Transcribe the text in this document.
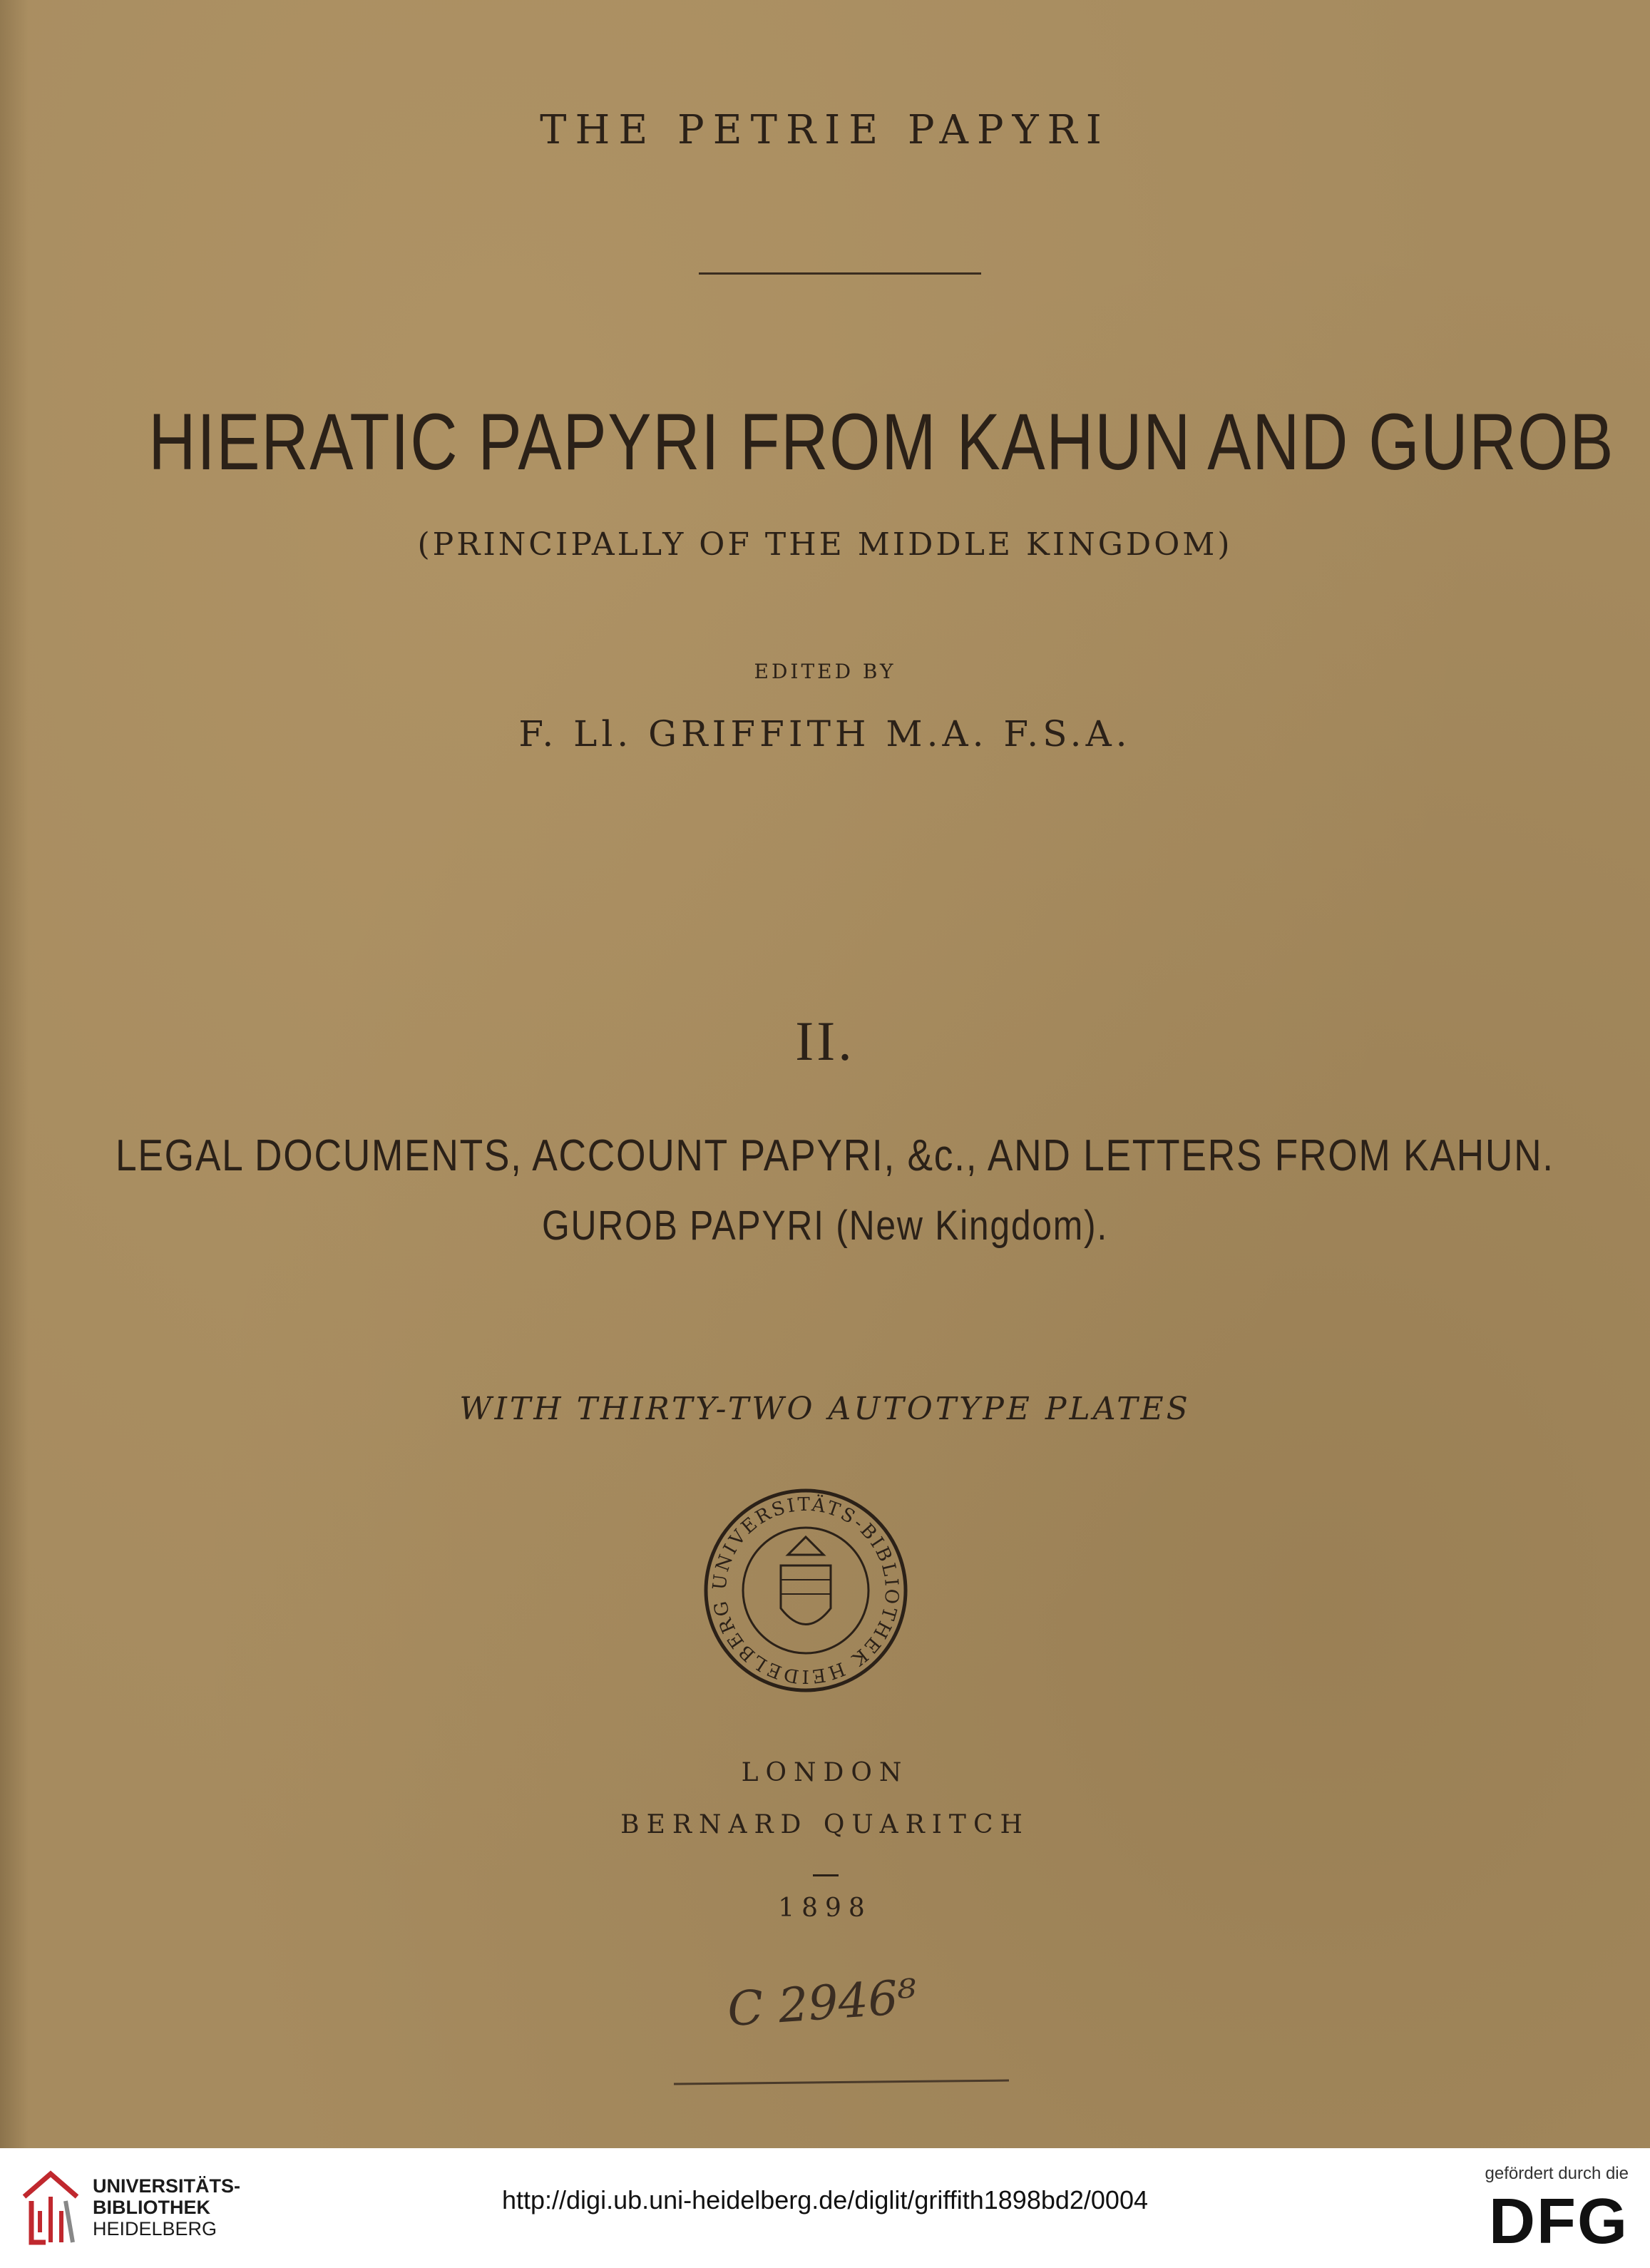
THE PETRIE PAPYRI
HIERATIC PAPYRI FROM KAHUN AND GUROB
(PRINCIPALLY OF THE MIDDLE KINGDOM)
EDITED BY
F. Ll. GRIFFITH M.A. F.S.A.
II.
LEGAL DOCUMENTS, ACCOUNT PAPYRI, &c., AND LETTERS FROM KAHUN.
GUROB PAPYRI (New Kingdom).
WITH THIRTY-TWO AUTOTYPE PLATES
UNIVERSITÄTS-BIBLIOTHEK HEIDELBERG
LONDON
BERNARD QUARITCH
1898
C 2946⁸
UNIVERSITÄTS-
BIBLIOTHEK
HEIDELBERG
http://digi.ub.uni-heidelberg.de/diglit/griffith1898bd2/0004
gefördert durch die
DFG
